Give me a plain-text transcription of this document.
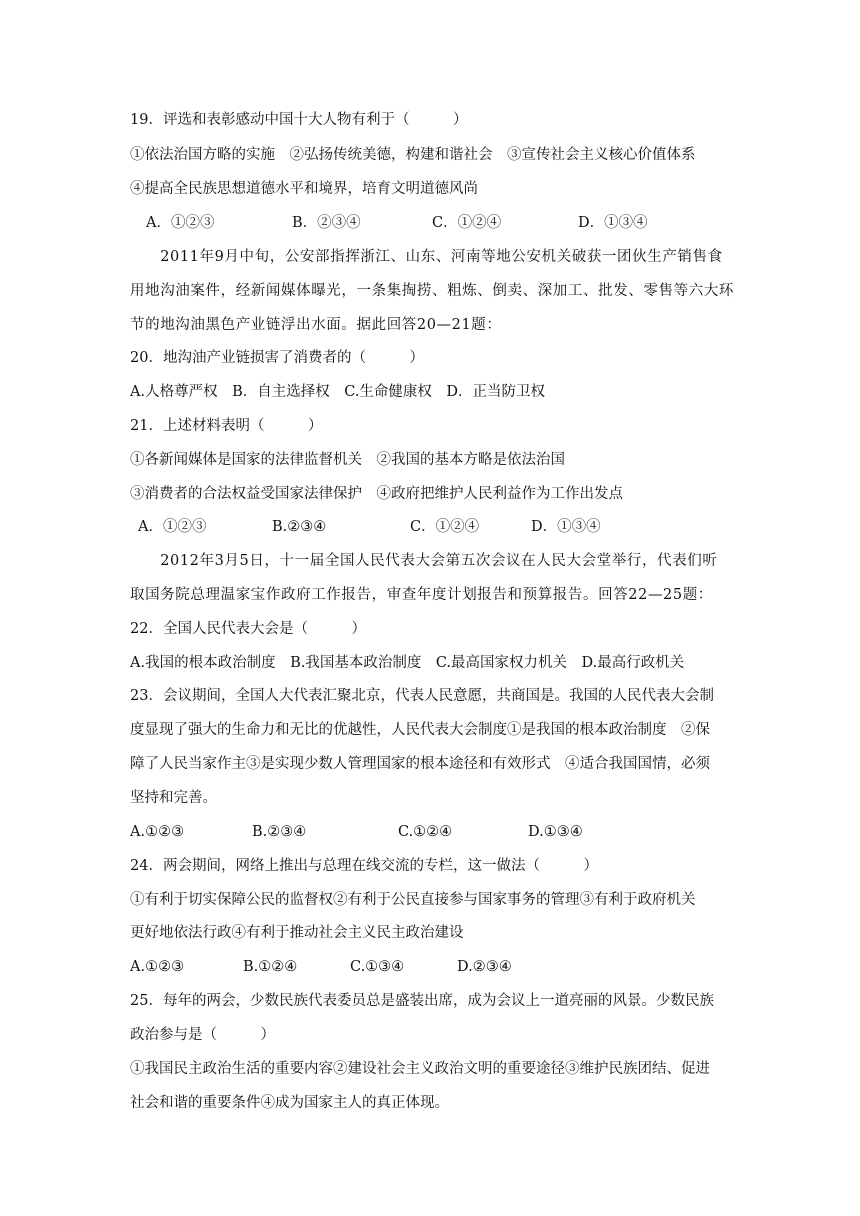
19．评选和表彰感动中国十大人物有利于（　　　）
①依法治国方略的实施　②弘扬传统美德，构建和谐社会　③宣传社会主义核心价值体系
④提高全民族思想道德水平和境界，培育文明道德风尚
A．①②③	B．②③④	C．①②④	D．①③④
　　2011年9月中旬，公安部指挥浙江、山东、河南等地公安机关破获一团伙生产销售食
用地沟油案件，经新闻媒体曝光，一条集掏捞、粗炼、倒卖、深加工、批发、零售等六大环
节的地沟油黑色产业链浮出水面。据此回答20—21题：
20．地沟油产业链损害了消费者的（　　　）
A.人格尊严权　B．自主选择权　C.生命健康权　D．正当防卫权
21．上述材料表明（　　　）
①各新闻媒体是国家的法律监督机关　②我国的基本方略是依法治国
③消费者的合法权益受国家法律保护　④政府把维护人民利益作为工作出发点
A．①②③	B.②③④	C．①②④	D．①③④
　　2012年3月5日，十一届全国人民代表大会第五次会议在人民大会堂举行，代表们听
取国务院总理温家宝作政府工作报告，审查年度计划报告和预算报告。回答22—25题：
22．全国人民代表大会是（　　　）
A.我国的根本政治制度　B.我国基本政治制度　C.最高国家权力机关　D.最高行政机关
23．会议期间，全国人大代表汇聚北京，代表人民意愿，共商国是。我国的人民代表大会制
度显现了强大的生命力和无比的优越性，人民代表大会制度①是我国的根本政治制度　②保
障了人民当家作主③是实现少数人管理国家的根本途径和有效形式　④适合我国国情，必须
坚持和完善。
A.①②③	B.②③④	C.①②④	D.①③④
24．两会期间，网络上推出与总理在线交流的专栏，这一做法（　　　）
①有利于切实保障公民的监督权②有利于公民直接参与国家事务的管理③有利于政府机关
更好地依法行政④有利于推动社会主义民主政治建设
A.①②③	B.①②④	C.①③④	D.②③④
25．每年的两会，少数民族代表委员总是盛装出席，成为会议上一道亮丽的风景。少数民族
政治参与是（　　　）
①我国民主政治生活的重要内容②建设社会主义政治文明的重要途径③维护民族团结、促进
社会和谐的重要条件④成为国家主人的真正体现。
